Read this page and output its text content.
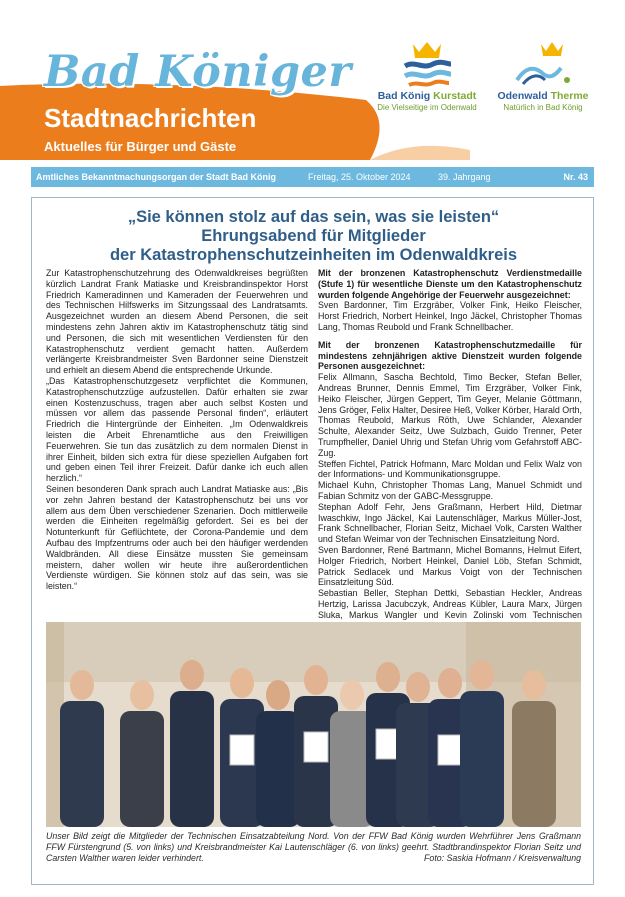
Bad Königer
Stadtnachrichten
Aktuelles für Bürger und Gäste
Bad König Kurstadt
Die Vielseitige im Odenwald
Odenwald Therme
Natürlich in Bad König
Amtliches Bekanntmachungsorgan der Stadt Bad König	Freitag, 25. Oktober 2024	39. Jahrgang	Nr. 43
„Sie können stolz auf das sein, was sie leisten“
Ehrungsabend für Mitglieder
der Katastrophenschutzeinheiten im Odenwaldkreis

Zur Katastrophenschutzehrung des Odenwaldkreises begrüßten kürzlich Landrat Frank Matiaske und Kreisbrandinspektor Horst Friedrich Kameradinnen und Kameraden der Feuerwehren und des Technischen Hilfswerks im Sitzungssaal des Landratsamts. Ausgezeichnet wurden an diesem Abend Personen, die seit mindestens zehn Jahren aktiv im Katastrophenschutz tätig sind und Personen, die sich mit wesentlichen Verdiensten für den Katastrophenschutz verdient gemacht hatten. Außerdem verlängerte Kreisbrandmeister Sven Bardonner seine Dienstzeit und erhielt an diesem Abend die entsprechende Urkunde.

„Das Katastrophenschutzgesetz verpflichtet die Kommunen, Katastrophenschutzzüge aufzustellen. Dafür erhalten sie zwar einen Kostenzuschuss, tragen aber auch selbst Kosten und müssen vor allem das passende Personal finden“, erläutert Friedrich die Hintergründe der Einheiten. „Im Odenwaldkreis leisten die Arbeit Ehrenamtliche aus den Freiwilligen Feuerwehren. Sie tun das zusätzlich zu dem normalen Dienst in ihrer Einheit, bilden sich extra für diese speziellen Aufgaben fort und geben einen Teil ihrer Freizeit. Dafür danke ich euch allen herzlich.“

Seinen besonderen Dank sprach auch Landrat Matiaske aus: „Bis vor zehn Jahren bestand der Katastrophenschutz bei uns vor allem aus dem Üben verschiedener Szenarien. Doch mittlerweile werden die Einheiten regelmäßig gefordert. Sei es bei der Notunterkunft für Geflüchtete, der Corona-Pandemie und dem Aufbau des Impfzentrums oder auch bei den häufiger werdenden Waldbränden. All diese Einsätze mussten Sie gemeinsam meistern, daher wollen wir heute ihre außerordentlichen Verdienste würdigen. Sie können stolz auf das sein, was sie leisten.“

Mit der bronzenen Katastrophenschutz Verdienstmedaille (Stufe 1) für wesentliche Dienste um den Katastrophenschutz wurden folgende Angehörige der Feuerwehr ausgezeichnet:

Sven Bardonner, Tim Erzgräber, Volker Fink, Heiko Fleischer, Horst Friedrich, Norbert Heinkel, Ingo Jäckel, Christopher Thomas Lang, Thomas Reubold und Frank Schnellbacher.

Mit der bronzenen Katastrophenschutzmedaille für mindestens zehnjährigen aktive Dienstzeit wurden folgende Personen ausgezeichnet:

Felix Allmann, Sascha Bechtold, Timo Becker, Stefan Beller, Andreas Brunner, Dennis Emmel, Tim Erzgräber, Volker Fink, Heiko Fleischer, Jürgen Geppert, Tim Geyer, Melanie Göttmann, Jens Gröger, Felix Halter, Desiree Heß, Volker Körber, Harald Orth, Thomas Reubold, Markus Röth, Uwe Schlander, Alexander Schulte, Alexander Seitz, Uwe Sulzbach, Guido Trenner, Peter Trumpfheller, Daniel Uhrig und Stefan Uhrig vom Gefahrstoff ABC-Zug.

Steffen Fichtel, Patrick Hofmann, Marc Moldan und Felix Walz von der Informations- und Kommunikationsgruppe.

Michael Kuhn, Christopher Thomas Lang, Manuel Schmidt und Fabian Schmitz von der GABC-Messgruppe.

Stephan Adolf Fehr, Jens Graßmann, Herbert Hild, Dietmar Iwaschkiw, Ingo Jäckel, Kai Lautenschläger, Markus Müller-Jost, Frank Schnellbacher, Florian Seitz, Michael Volk, Carsten Walther und Stefan Weimar von der Technischen Einsatzleitung Nord.

Sven Bardonner, René Bartmann, Michel Bomanns, Helmut Eifert, Holger Friedrich, Norbert Heinkel, Daniel Löb, Stefan Schmidt, Patrick Sedlacek und Markus Voigt von der Technischen Einsatzleitung Süd.

Sebastian Beller, Stephan Dettki, Sebastian Heckler, Andreas Hertzig, Larissa Jacubczyk, Andreas Kübler, Laura Marx, Jürgen Sluka, Markus Wangler und Kevin Zolinski vom Technischen

Unser Bild zeigt die Mitglieder der Technischen Einsatzabteilung Nord. Von der FFW Bad König wurden Wehrführer Jens Graßmann FFW Fürstengrund (5. von links) und Kreisbrandmeister Kai Lautenschläger (6. von links) geehrt. Stadtbrandinspektor Florian Seitz und Carsten Walther waren leider verhindert.	Foto: Saskia Hofmann / Kreisverwaltung
